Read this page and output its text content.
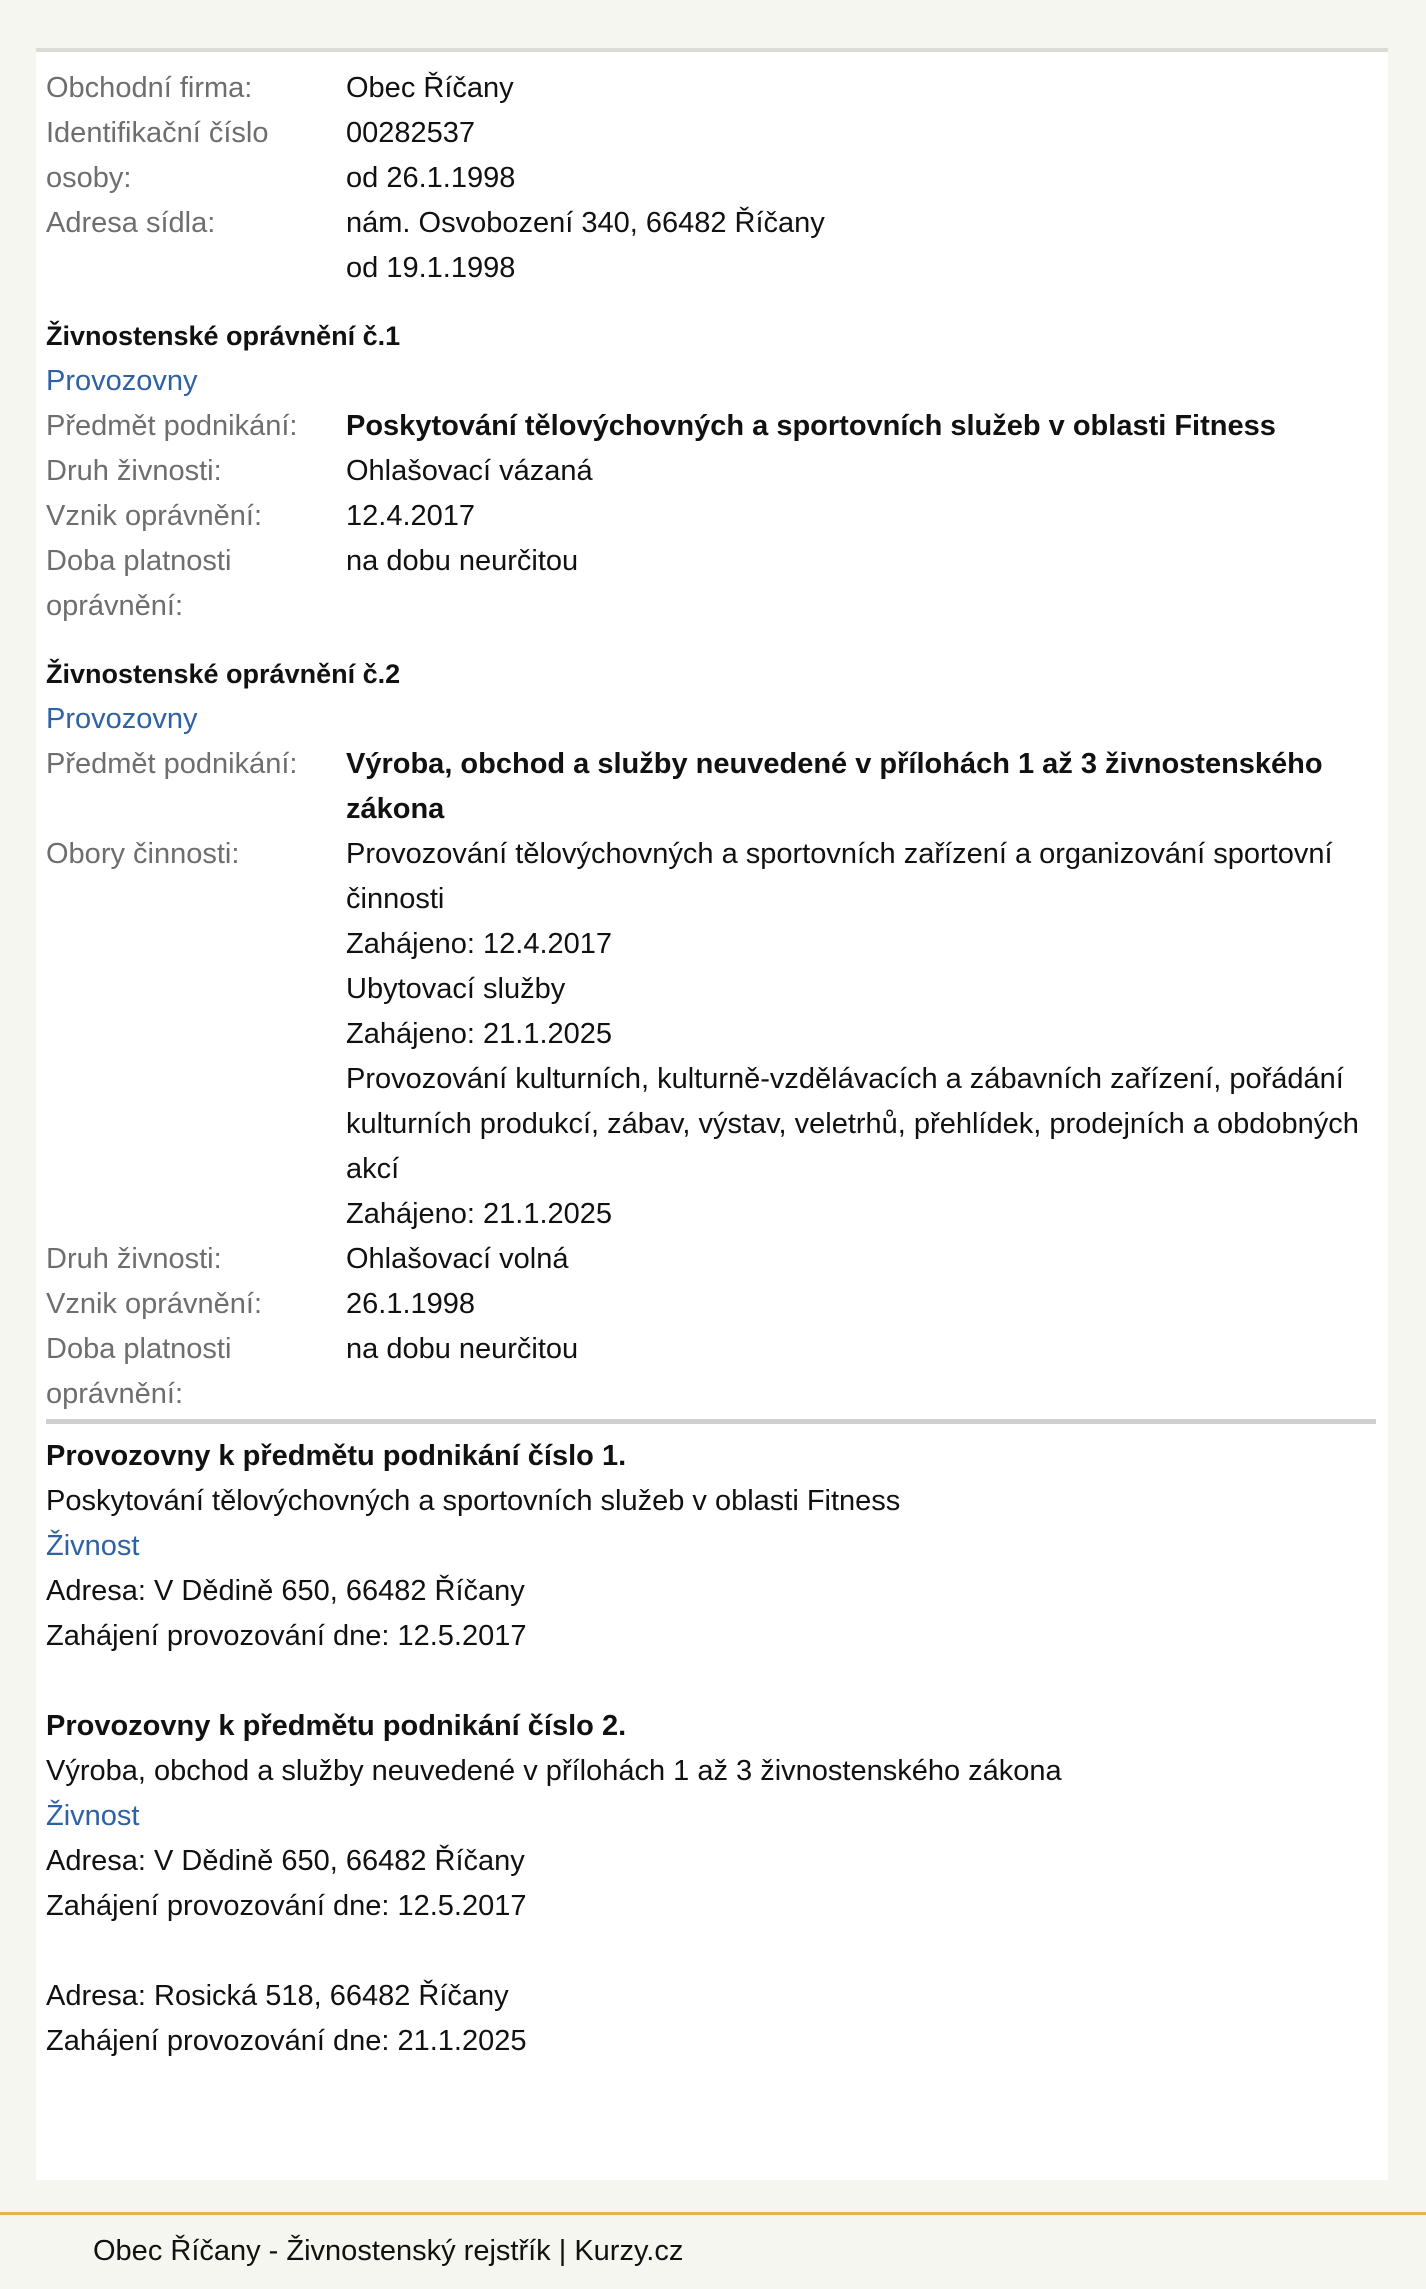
Obchodní firma:	Obec Říčany
Identifikační číslo osoby:
00282537
od 26.1.1998
Adresa sídla:	nám. Osvobození 340, 66482 Říčany
od 19.1.1998
Živnostenské oprávnění č.1
Provozovny
Předmět podnikání:	Poskytování tělovýchovných a sportovních služeb v oblasti Fitness
Druh živnosti:	Ohlašovací vázaná
Vznik oprávnění:	12.4.2017
Doba platnosti oprávnění:
na dobu neurčitou
Živnostenské oprávnění č.2
Provozovny
Předmět podnikání:	Výroba, obchod a služby neuvedené v přílohách 1 až 3 živnostenského zákona
Obory činnosti:	Provozování tělovýchovných a sportovních zařízení a organizování sportovní činnosti
Zahájeno: 12.4.2017
Ubytovací služby
Zahájeno: 21.1.2025
Provozování kulturních, kulturně-vzdělávacích a zábavních zařízení, pořádání kulturních produkcí, zábav, výstav, veletrhů, přehlídek, prodejních a obdobných akcí
Zahájeno: 21.1.2025
Druh živnosti:	Ohlašovací volná
Vznik oprávnění:	26.1.1998
Doba platnosti oprávnění:
na dobu neurčitou
Provozovny k předmětu podnikání číslo 1.
Poskytování tělovýchovných a sportovních služeb v oblasti Fitness
Živnost
Adresa: V Dědině 650, 66482 Říčany
Zahájení provozování dne: 12.5.2017
Provozovny k předmětu podnikání číslo 2.
Výroba, obchod a služby neuvedené v přílohách 1 až 3 živnostenského zákona
Živnost
Adresa: V Dědině 650, 66482 Říčany
Zahájení provozování dne: 12.5.2017
Adresa: Rosická 518, 66482 Říčany
Zahájení provozování dne: 21.1.2025
Obec Říčany - Živnostenský rejstřík | Kurzy.cz
